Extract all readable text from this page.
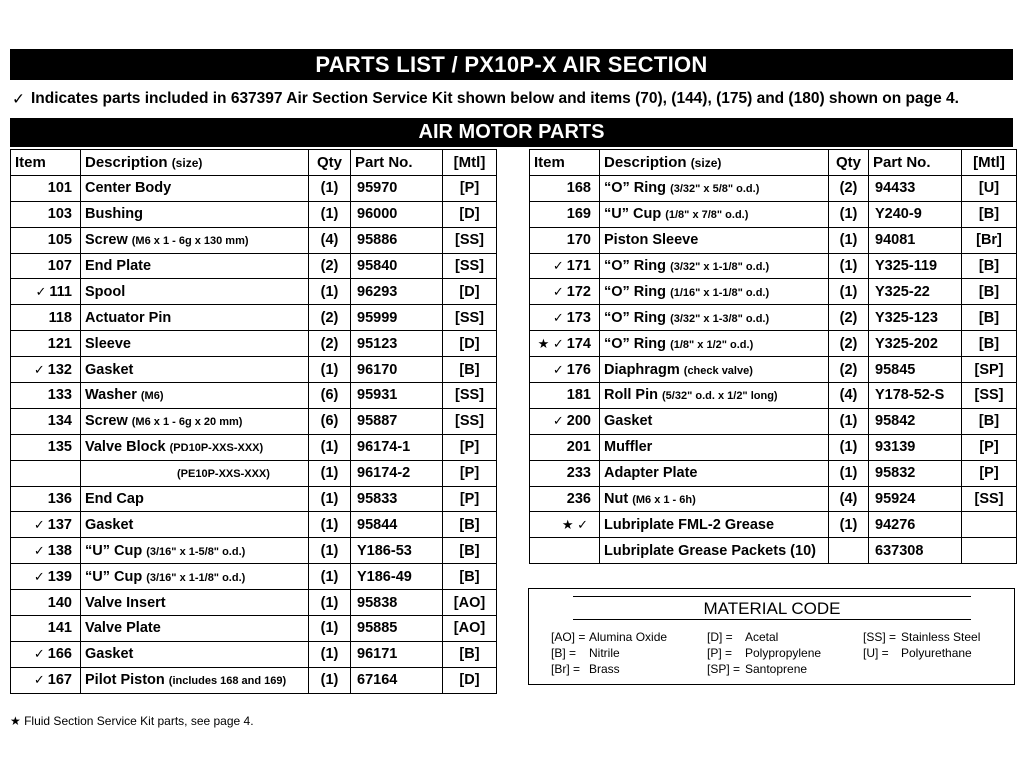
PARTS LIST / PX10P-X AIR SECTION
✓ Indicates parts included in 637397 Air Section Service Kit shown below and items (70), (144), (175) and (180) shown on page 4.
AIR MOTOR PARTS
Item	Description (size)	Qty	Part No.	[Mtl]
101	Center Body	(1)	95970	[P]
103	Bushing	(1)	96000	[D]
105	Screw (M6 x 1 - 6g x 130 mm)	(4)	95886	[SS]
107	End Plate	(2)	95840	[SS]
✓ 111	Spool	(1)	96293	[D]
118	Actuator Pin	(2)	95999	[SS]
121	Sleeve	(2)	95123	[D]
✓ 132	Gasket	(1)	96170	[B]
133	Washer (M6)	(6)	95931	[SS]
134	Screw (M6 x 1 - 6g x 20 mm)	(6)	95887	[SS]
135	Valve Block (PD10P-XXS-XXX)	(1)	96174-1	[P]
	(PE10P-XXS-XXX)	(1)	96174-2	[P]
136	End Cap	(1)	95833	[P]
✓ 137	Gasket	(1)	95844	[B]
✓ 138	“U” Cup (3/16" x 1-5/8" o.d.)	(1)	Y186-53	[B]
✓ 139	“U” Cup (3/16" x 1-1/8" o.d.)	(1)	Y186-49	[B]
140	Valve Insert	(1)	95838	[AO]
141	Valve Plate	(1)	95885	[AO]
✓ 166	Gasket	(1)	96171	[B]
✓ 167	Pilot Piston (includes 168 and 169)	(1)	67164	[D]
Item	Description (size)	Qty	Part No.	[Mtl]
168	“O” Ring (3/32" x 5/8" o.d.)	(2)	94433	[U]
169	“U” Cup (1/8" x 7/8" o.d.)	(1)	Y240-9	[B]
170	Piston Sleeve	(1)	94081	[Br]
✓ 171	“O” Ring (3/32" x 1-1/8" o.d.)	(1)	Y325-119	[B]
✓ 172	“O” Ring (1/16" x 1-1/8" o.d.)	(1)	Y325-22	[B]
✓ 173	“O” Ring (3/32" x 1-3/8" o.d.)	(2)	Y325-123	[B]
★ ✓ 174	“O” Ring (1/8" x 1/2" o.d.)	(2)	Y325-202	[B]
✓ 176	Diaphragm (check valve)	(2)	95845	[SP]
181	Roll Pin (5/32" o.d. x 1/2" long)	(4)	Y178-52-S	[SS]
✓ 200	Gasket	(1)	95842	[B]
201	Muffler	(1)	93139	[P]
233	Adapter Plate	(1)	95832	[P]
236	Nut (M6 x 1 - 6h)	(4)	95924	[SS]
★ ✓	Lubriplate FML-2 Grease	(1)	94276	
	Lubriplate Grease Packets (10)		637308	
MATERIAL CODE
[AO] = Alumina Oxide
[B] = Nitrile
[Br] = Brass
[D] = Acetal
[P] = Polypropylene
[SP] = Santoprene
[SS] = Stainless Steel
[U] = Polyurethane
★ Fluid Section Service Kit parts, see page 4.
